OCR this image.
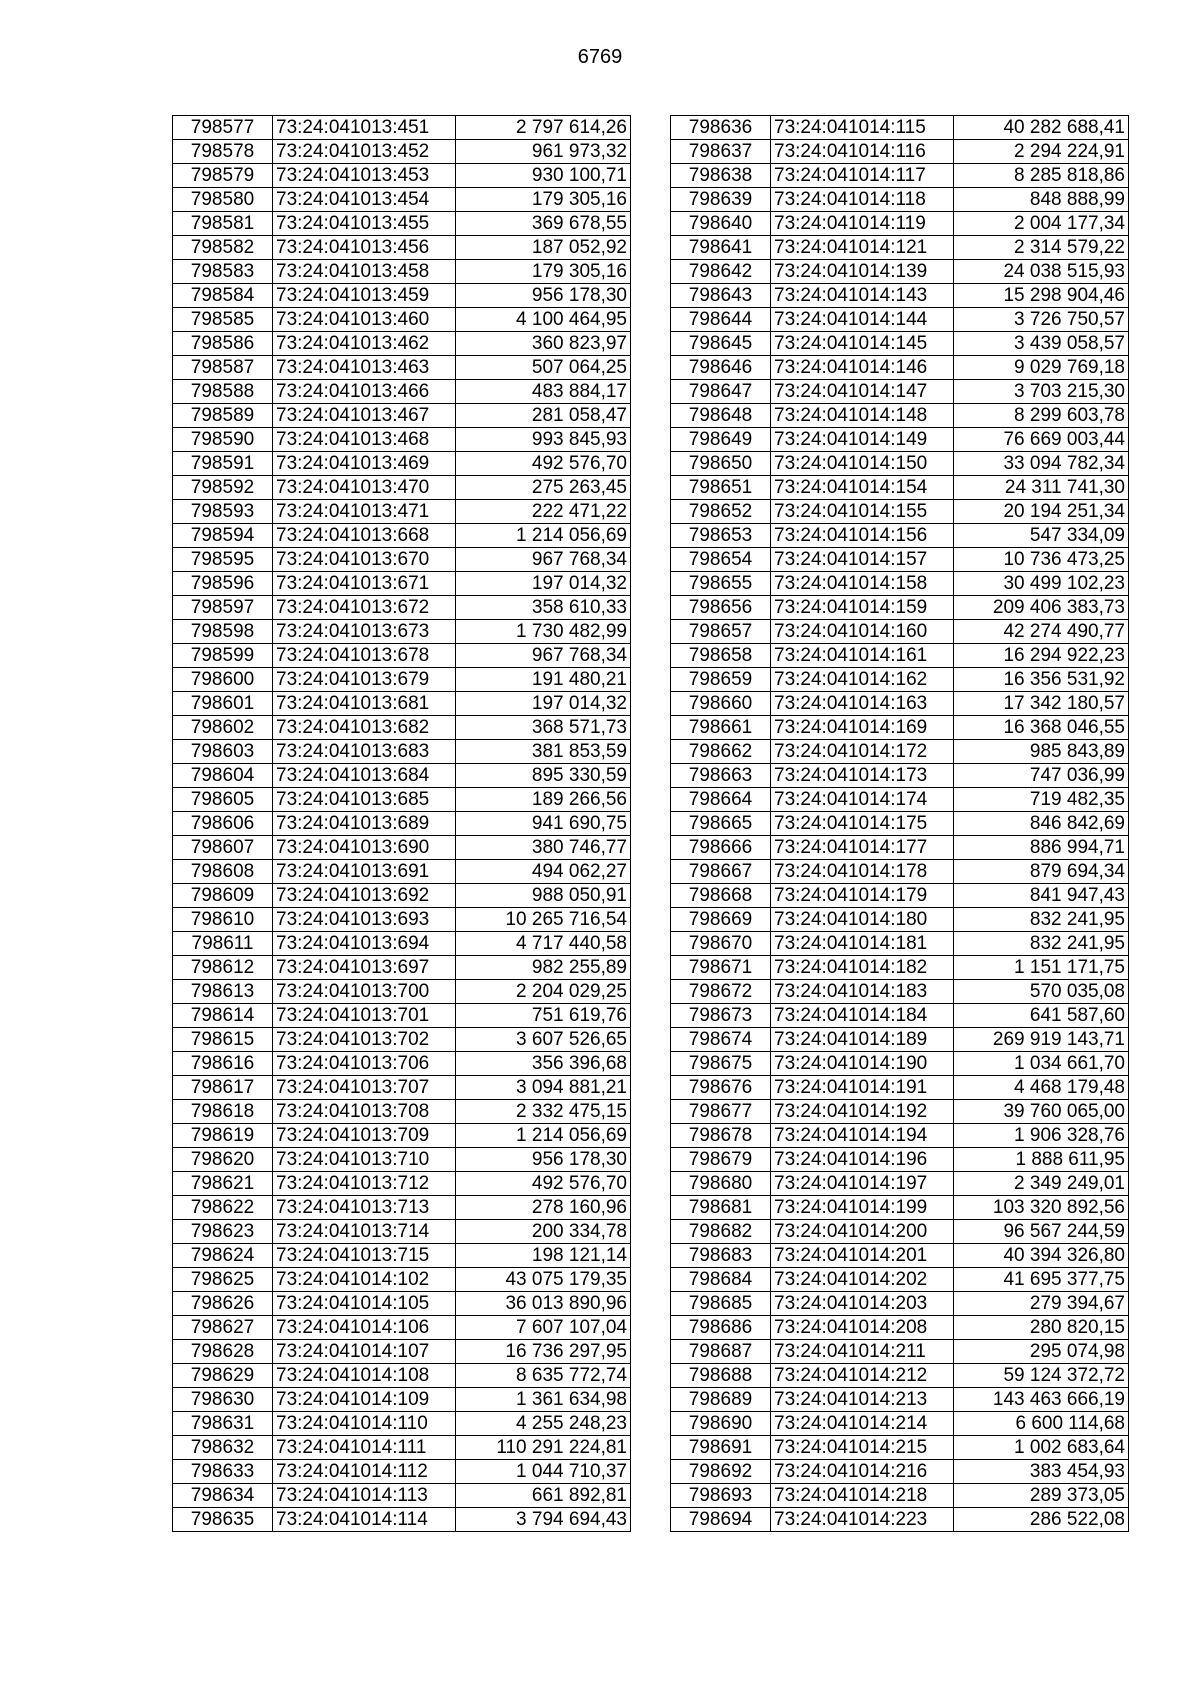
6769
798577	73:24:041013:451	2 797 614,26
798578	73:24:041013:452	961 973,32
798579	73:24:041013:453	930 100,71
798580	73:24:041013:454	179 305,16
798581	73:24:041013:455	369 678,55
798582	73:24:041013:456	187 052,92
798583	73:24:041013:458	179 305,16
798584	73:24:041013:459	956 178,30
798585	73:24:041013:460	4 100 464,95
798586	73:24:041013:462	360 823,97
798587	73:24:041013:463	507 064,25
798588	73:24:041013:466	483 884,17
798589	73:24:041013:467	281 058,47
798590	73:24:041013:468	993 845,93
798591	73:24:041013:469	492 576,70
798592	73:24:041013:470	275 263,45
798593	73:24:041013:471	222 471,22
798594	73:24:041013:668	1 214 056,69
798595	73:24:041013:670	967 768,34
798596	73:24:041013:671	197 014,32
798597	73:24:041013:672	358 610,33
798598	73:24:041013:673	1 730 482,99
798599	73:24:041013:678	967 768,34
798600	73:24:041013:679	191 480,21
798601	73:24:041013:681	197 014,32
798602	73:24:041013:682	368 571,73
798603	73:24:041013:683	381 853,59
798604	73:24:041013:684	895 330,59
798605	73:24:041013:685	189 266,56
798606	73:24:041013:689	941 690,75
798607	73:24:041013:690	380 746,77
798608	73:24:041013:691	494 062,27
798609	73:24:041013:692	988 050,91
798610	73:24:041013:693	10 265 716,54
798611	73:24:041013:694	4 717 440,58
798612	73:24:041013:697	982 255,89
798613	73:24:041013:700	2 204 029,25
798614	73:24:041013:701	751 619,76
798615	73:24:041013:702	3 607 526,65
798616	73:24:041013:706	356 396,68
798617	73:24:041013:707	3 094 881,21
798618	73:24:041013:708	2 332 475,15
798619	73:24:041013:709	1 214 056,69
798620	73:24:041013:710	956 178,30
798621	73:24:041013:712	492 576,70
798622	73:24:041013:713	278 160,96
798623	73:24:041013:714	200 334,78
798624	73:24:041013:715	198 121,14
798625	73:24:041014:102	43 075 179,35
798626	73:24:041014:105	36 013 890,96
798627	73:24:041014:106	7 607 107,04
798628	73:24:041014:107	16 736 297,95
798629	73:24:041014:108	8 635 772,74
798630	73:24:041014:109	1 361 634,98
798631	73:24:041014:110	4 255 248,23
798632	73:24:041014:111	110 291 224,81
798633	73:24:041014:112	1 044 710,37
798634	73:24:041014:113	661 892,81
798635	73:24:041014:114	3 794 694,43
798636	73:24:041014:115	40 282 688,41
798637	73:24:041014:116	2 294 224,91
798638	73:24:041014:117	8 285 818,86
798639	73:24:041014:118	848 888,99
798640	73:24:041014:119	2 004 177,34
798641	73:24:041014:121	2 314 579,22
798642	73:24:041014:139	24 038 515,93
798643	73:24:041014:143	15 298 904,46
798644	73:24:041014:144	3 726 750,57
798645	73:24:041014:145	3 439 058,57
798646	73:24:041014:146	9 029 769,18
798647	73:24:041014:147	3 703 215,30
798648	73:24:041014:148	8 299 603,78
798649	73:24:041014:149	76 669 003,44
798650	73:24:041014:150	33 094 782,34
798651	73:24:041014:154	24 311 741,30
798652	73:24:041014:155	20 194 251,34
798653	73:24:041014:156	547 334,09
798654	73:24:041014:157	10 736 473,25
798655	73:24:041014:158	30 499 102,23
798656	73:24:041014:159	209 406 383,73
798657	73:24:041014:160	42 274 490,77
798658	73:24:041014:161	16 294 922,23
798659	73:24:041014:162	16 356 531,92
798660	73:24:041014:163	17 342 180,57
798661	73:24:041014:169	16 368 046,55
798662	73:24:041014:172	985 843,89
798663	73:24:041014:173	747 036,99
798664	73:24:041014:174	719 482,35
798665	73:24:041014:175	846 842,69
798666	73:24:041014:177	886 994,71
798667	73:24:041014:178	879 694,34
798668	73:24:041014:179	841 947,43
798669	73:24:041014:180	832 241,95
798670	73:24:041014:181	832 241,95
798671	73:24:041014:182	1 151 171,75
798672	73:24:041014:183	570 035,08
798673	73:24:041014:184	641 587,60
798674	73:24:041014:189	269 919 143,71
798675	73:24:041014:190	1 034 661,70
798676	73:24:041014:191	4 468 179,48
798677	73:24:041014:192	39 760 065,00
798678	73:24:041014:194	1 906 328,76
798679	73:24:041014:196	1 888 611,95
798680	73:24:041014:197	2 349 249,01
798681	73:24:041014:199	103 320 892,56
798682	73:24:041014:200	96 567 244,59
798683	73:24:041014:201	40 394 326,80
798684	73:24:041014:202	41 695 377,75
798685	73:24:041014:203	279 394,67
798686	73:24:041014:208	280 820,15
798687	73:24:041014:211	295 074,98
798688	73:24:041014:212	59 124 372,72
798689	73:24:041014:213	143 463 666,19
798690	73:24:041014:214	6 600 114,68
798691	73:24:041014:215	1 002 683,64
798692	73:24:041014:216	383 454,93
798693	73:24:041014:218	289 373,05
798694	73:24:041014:223	286 522,08
